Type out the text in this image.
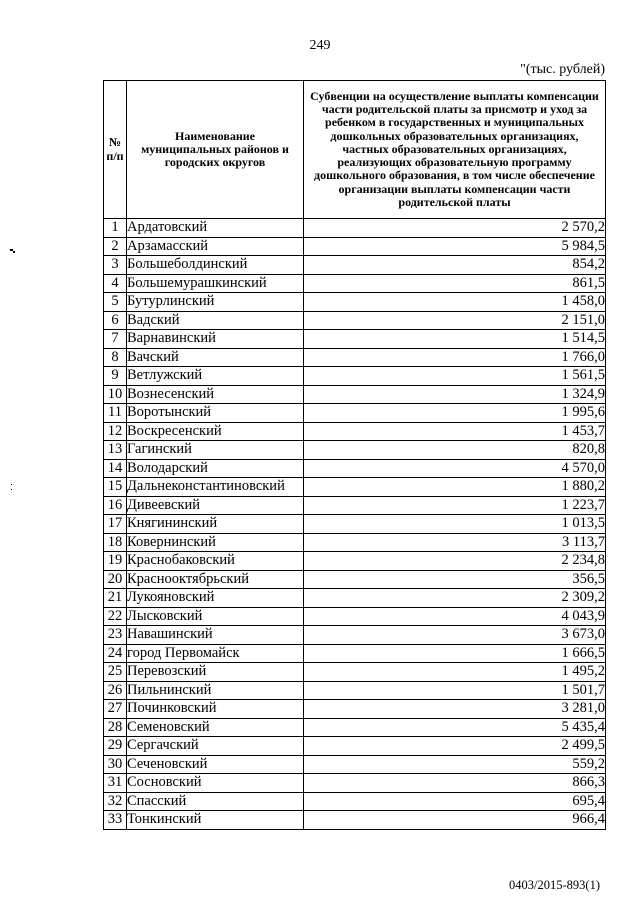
249
"(тыс. рублей)
№ п/п	Наименование муниципальных районов и городских округов	Субвенции на осуществление выплаты компенсации части родительской платы за присмотр и уход за ребенком в государственных и муниципальных дошкольных образовательных организациях, частных образовательных организациях, реализующих образовательную программу дошкольного образования, в том числе обеспечение организации выплаты компенсации части родительской платы
1	Ардатовский	2 570,2
2	Арзамасский	5 984,5
3	Большеболдинский	854,2
4	Большемурашкинский	861,5
5	Бутурлинский	1 458,0
6	Вадский	2 151,0
7	Варнавинский	1 514,5
8	Вачский	1 766,0
9	Ветлужский	1 561,5
10	Вознесенский	1 324,9
11	Воротынский	1 995,6
12	Воскресенский	1 453,7
13	Гагинский	820,8
14	Володарский	4 570,0
15	Дальнеконстантиновский	1 880,2
16	Дивеевский	1 223,7
17	Княгининский	1 013,5
18	Ковернинский	3 113,7
19	Краснобаковский	2 234,8
20	Краснооктябрьский	356,5
21	Лукояновский	2 309,2
22	Лысковский	4 043,9
23	Навашинский	3 673,0
24	город Первомайск	1 666,5
25	Перевозский	1 495,2
26	Пильнинский	1 501,7
27	Починковский	3 281,0
28	Семеновский	5 435,4
29	Сергачский	2 499,5
30	Сеченовский	559,2
31	Сосновский	866,3
32	Спасский	695,4
33	Тонкинский	966,4
0403/2015-893(1)
